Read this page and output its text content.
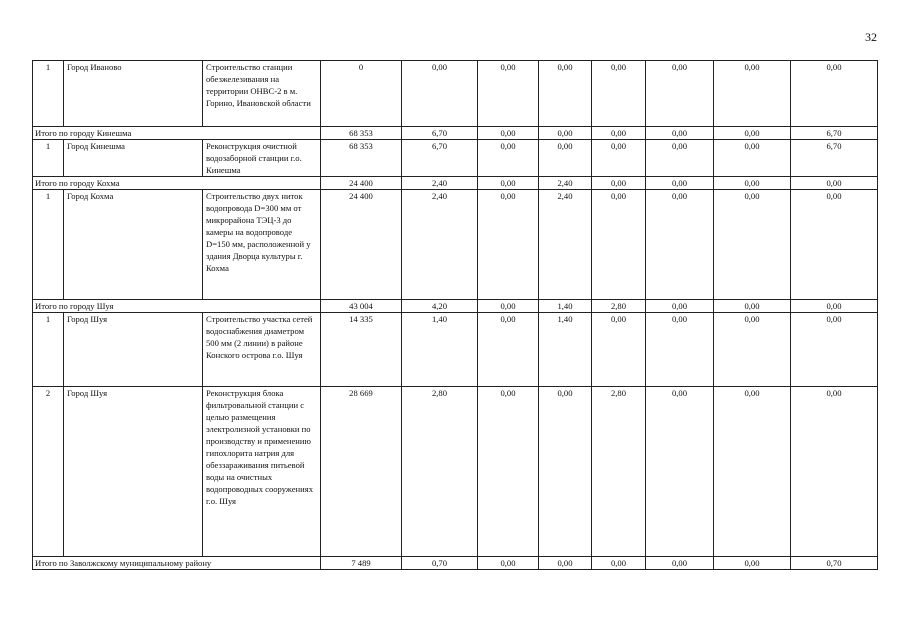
32
1	Город Иваново	Строительство станции обезжелезивания на территории ОНВС-2 в м. Горино, Ивановской области	0	0,00	0,00	0,00	0,00	0,00	0,00	0,00
Итого по городу Кинешма			68 353	6,70	0,00	0,00	0,00	0,00	0,00	6,70
1	Город Кинешма	Реконструкция очистной водозаборной станции г.о. Кинешма	68 353	6,70	0,00	0,00	0,00	0,00	0,00	6,70
Итого по городу Кохма			24 400	2,40	0,00	2,40	0,00	0,00	0,00	0,00
1	Город Кохма	Строительство двух ниток водопровода D=300 мм от микрорайона ТЭЦ-3 до камеры на водопроводе D=150 мм, расположенной у здания Дворца культуры г. Кохма	24 400	2,40	0,00	2,40	0,00	0,00	0,00	0,00
Итого по городу Шуя			43 004	4,20	0,00	1,40	2,80	0,00	0,00	0,00
1	Город Шуя	Строительство участка сетей водоснабжения диаметром 500 мм (2 линии) в районе Конского острова г.о. Шуя	14 335	1,40	0,00	1,40	0,00	0,00	0,00	0,00
2	Город Шуя	Реконструкция блока фильтровальной станции с целью размещения электролизной установки по производству и применению гипохлорита натрия для обеззараживания питьевой воды на очистных водопроводных сооружениях г.о. Шуя	28 669	2,80	0,00	0,00	2,80	0,00	0,00	0,00
Итого по Заволжскому муниципальному району			7 489	0,70	0,00	0,00	0,00	0,00	0,00	0,70
